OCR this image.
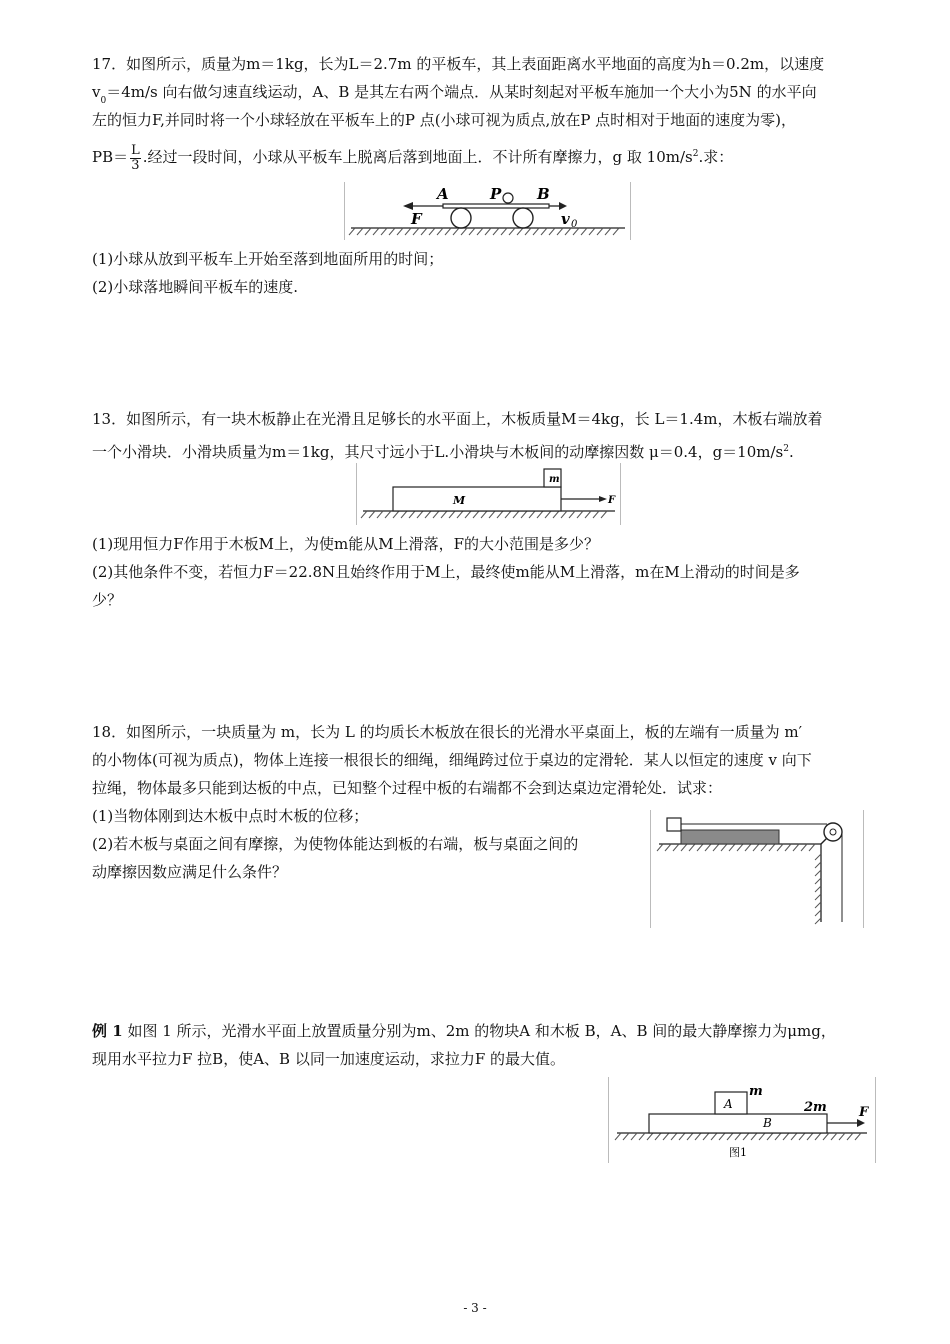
17．如图所示，质量为m＝1kg，长为L＝2.7m 的平板车，其上表面距离水平地面的高度为h＝0.2m，以速度

$v_0=4m/s$ 向右做匀速直线运动，A、B 是其左右两个端点．从某时刻起对平板车施加一个大小为5N 的水平向

左的恒力F,并同时将一个小球轻放在平板车上的P 点(小球可视为质点,放在P 点时相对于地面的速度为零)，

$PB= \frac{L}{3}$ .经过一段时间，小球从平板车上脱离后落到地面上．不计所有摩擦力，g 取 $10m/s^2$.求：

A	P B
F	v 0

(1)小球从放到平板车上开始至落到地面所用的时间；

(2)小球落地瞬间平板车的速度.

13．如图所示，有一块木板静止在光滑且足够长的水平面上，木板质量M＝4kg，长 L＝1.4m，木板右端放着

一个小滑块．小滑块质量为m＝1kg，其尺寸远小于L.小滑块与木板间的动摩擦因数 μ＝0.4，$g=10m/s^2$.

m
M	F

(1)现用恒力F作用于木板M上，为使m能从M上滑落，F的大小范围是多少？

(2)其他条件不变，若恒力F＝22.8N且始终作用于M上，最终使m能从M上滑落，m在M上滑动的时间是多

少？

18．如图所示，一块质量为 m，长为 L 的均质长木板放在很长的光滑水平桌面上，板的左端有一质量为 m′

的小物体(可视为质点)，物体上连接一根很长的细绳，细绳跨过位于桌边的定滑轮．某人以恒定的速度 v 向下

拉绳，物体最多只能到达板的中点，已知整个过程中板的右端都不会到达桌边定滑轮处．试求：

(1)当物体刚到达木板中点时木板的位移；

(2)若木板与桌面之间有摩擦，为使物体能达到板的右端，板与桌面之间的

动摩擦因数应满足什么条件？

例 1 如图 1 所示，光滑水平面上放置质量分别为m、2m 的物块A 和木板 B，A、B 间的最大静摩擦力为μmg，

现用水平拉力F 拉B，使A、B 以同一加速度运动，求拉力F 的最大值。

m
A	2m
B
F
图1
- 3 -
